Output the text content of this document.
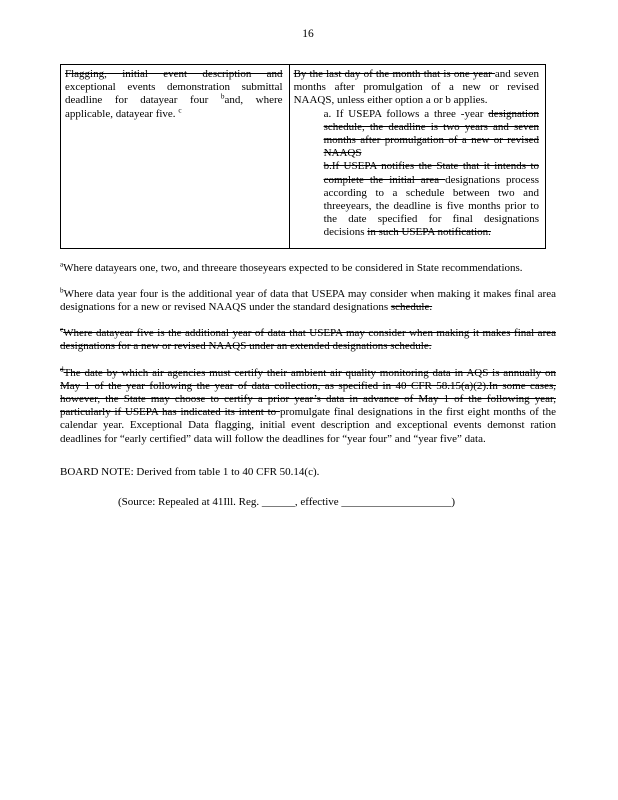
16

Flagging, initial event description and exceptional events demonstration submittal deadline for datayear four $^b$and, where applicable, datayear five. $^c$

By the last day of the month that is one year and seven months after promulgation of a new or revised NAAQS, unless either option a or b applies.

a. If USEPA follows a three -year designation schedule, the deadline is two years and seven months after promulgation of a new or revised NAAQS

b.If USEPA notifies the State that it intends to complete the initial area designations process according to a schedule between two and threeyears, the deadline is five months prior to the date specified for final designations decisions in such USEPA notification.

$^a$Where datayears one, two, and threeare thoseyears expected to be considered in State recommendations.

$^b$Where data year four is the additional year of data that USEPA may consider when making it makes final area designations for a new or revised NAAQS under the standard designations schedule.

$^c$Where datayear five is the additional year of data that USEPA may consider when making it makes final area designations for a new or revised NAAQS under an extended designations schedule.

$^d$The date by which air agencies must certify their ambient air quality monitoring data in AQS is annually on May 1 of the year following the year of data collection, as specified in 40 CFR 58.15(a)(2).In some cases, however, the State may choose to certify a prior year’s data in advance of May 1 of the following year, particularly if USEPA has indicated its intent to promulgate final designations in the first eight months of the calendar year. Exceptional Data flagging, initial event description and exceptional events demonst ration deadlines for “early certified” data will follow the deadlines for “year four” and “year five” data.

BOARD NOTE: Derived from table 1 to 40 CFR 50.14(c).

(Source: Repealed at 41Ill. Reg. ______, effective ____________________)
